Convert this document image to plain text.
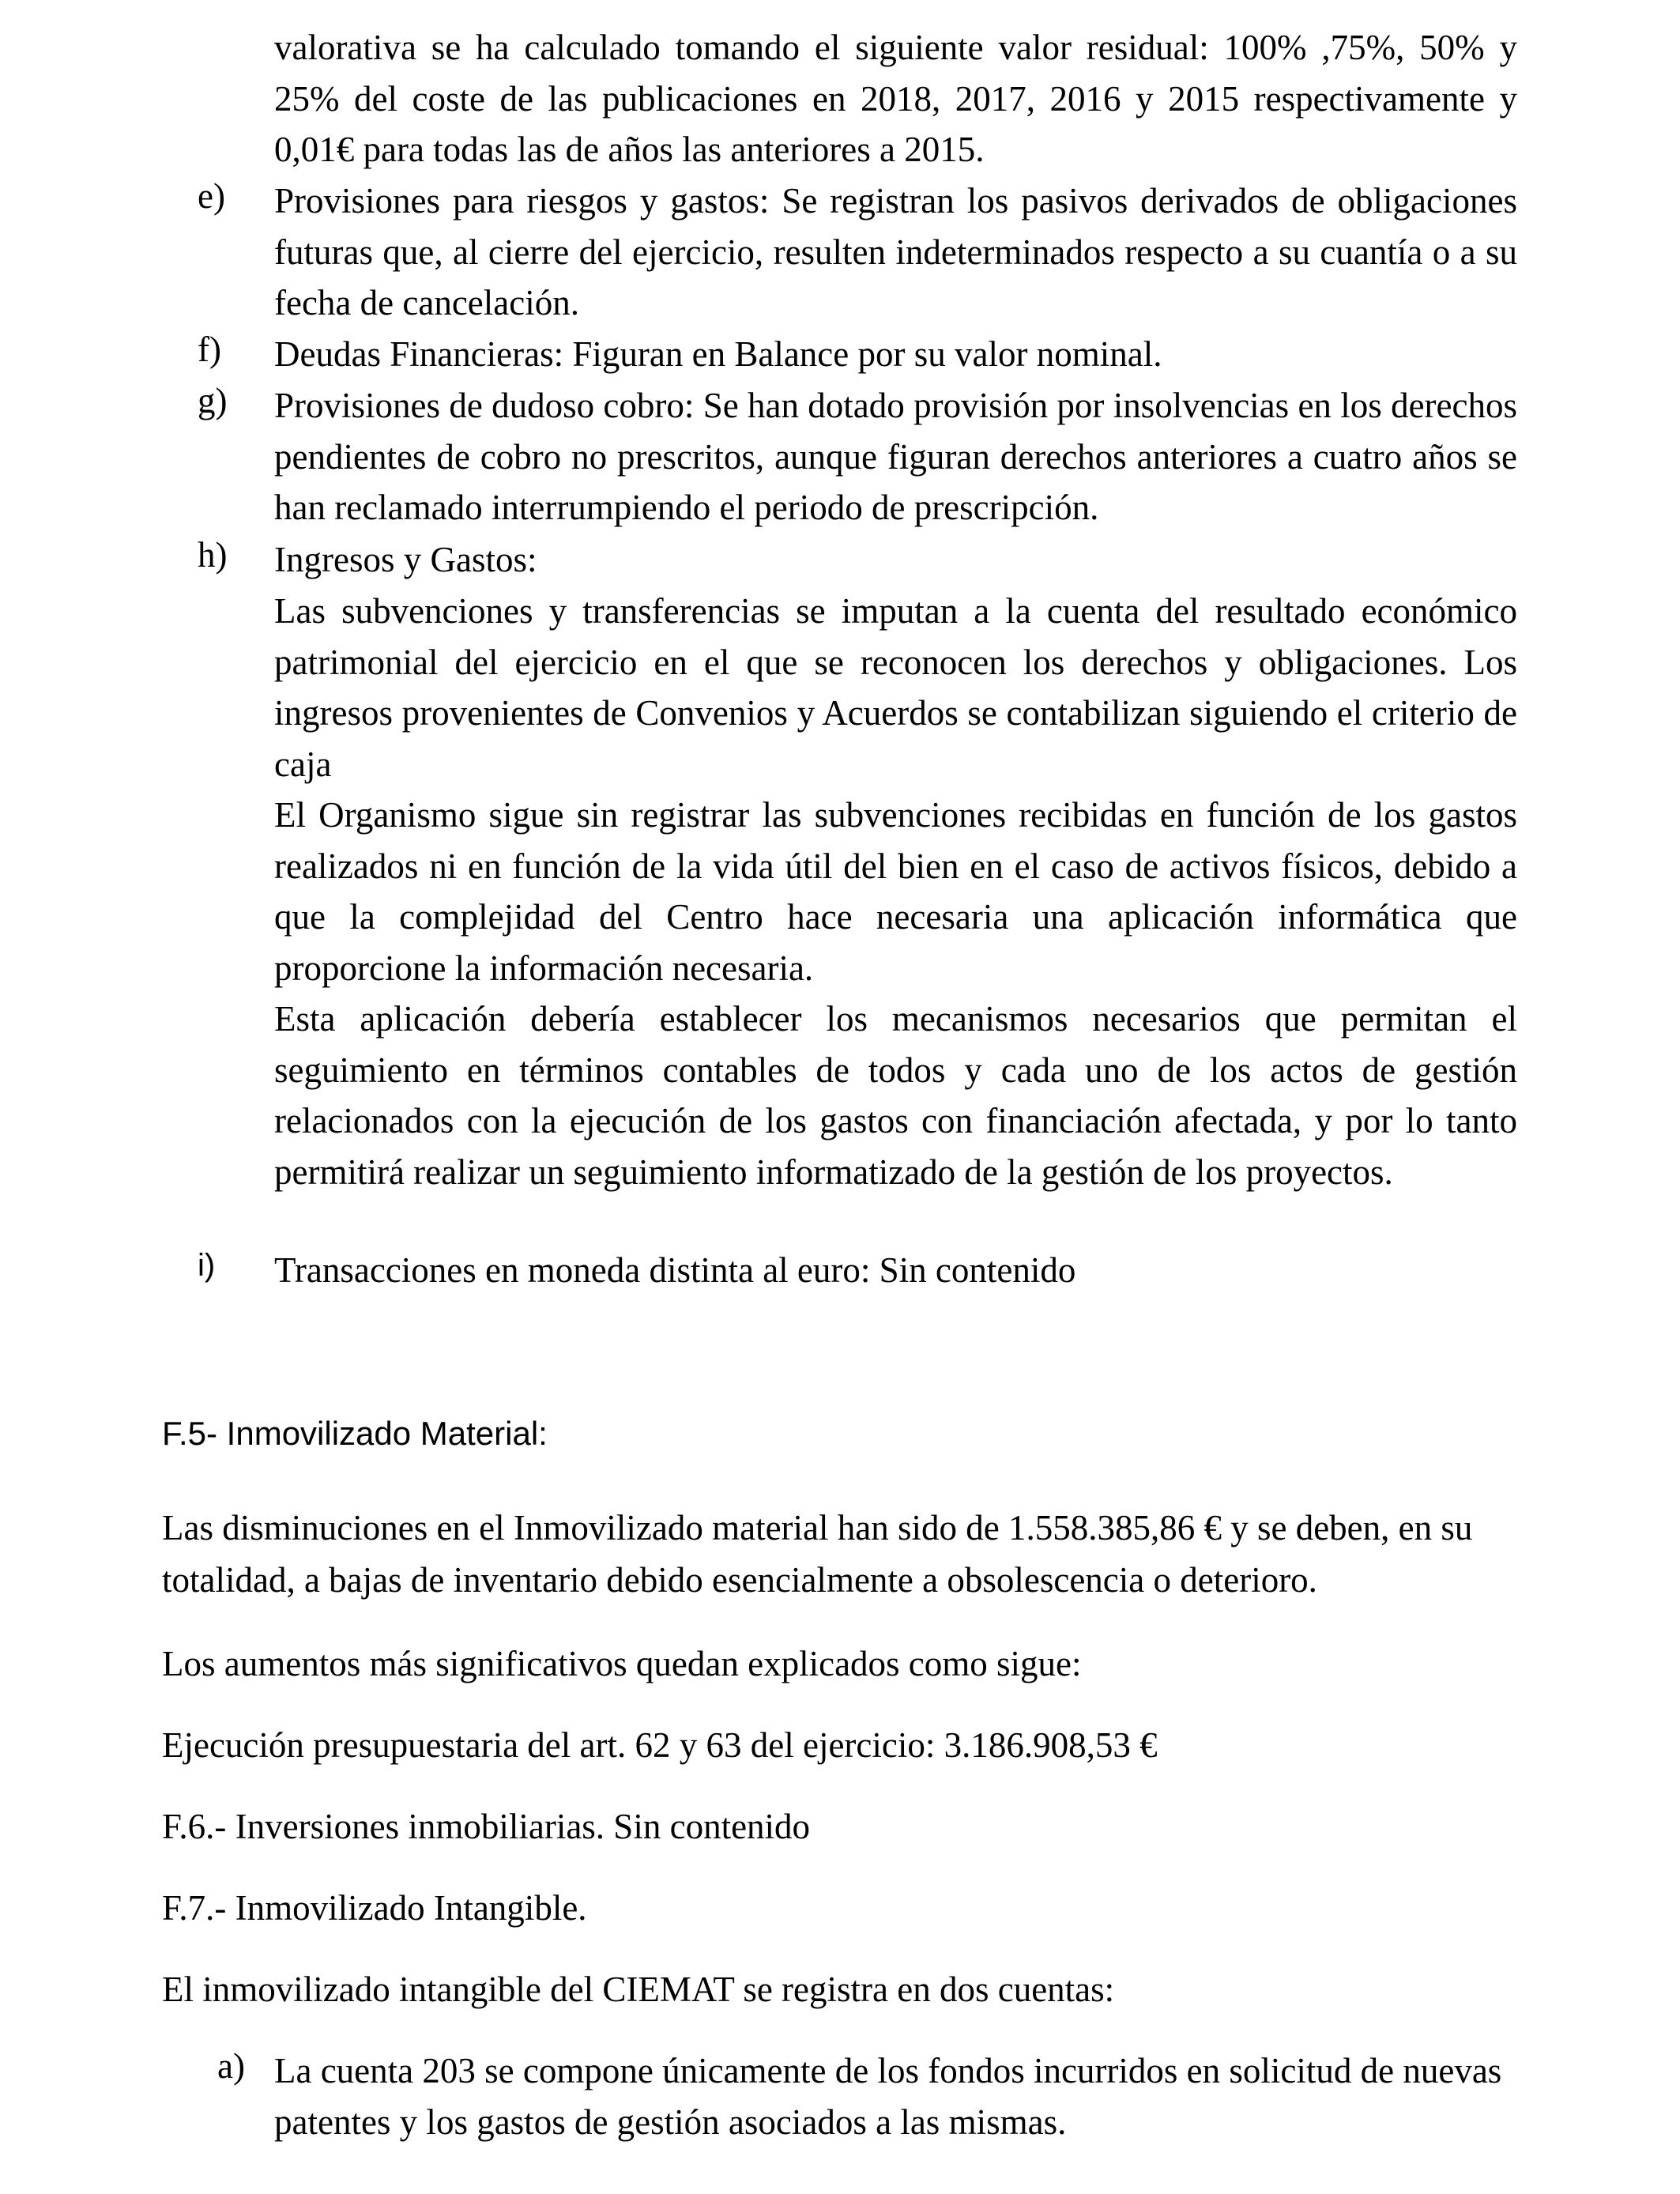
valorativa se ha calculado tomando el siguiente valor residual: 100% ,75%, 50% y 25% del coste de las publicaciones en 2018, 2017, 2016 y 2015 respectivamente y 0,01€ para todas las de años las anteriores a 2015.
e)	Provisiones para riesgos y gastos: Se registran los pasivos derivados de obligaciones futuras que, al cierre del ejercicio, resulten indeterminados respecto a su cuantía o a su fecha de cancelación.
f)	Deudas Financieras: Figuran en Balance por su valor nominal.
g)	Provisiones de dudoso cobro: Se han dotado provisión por insolvencias en los derechos pendientes de cobro no prescritos, aunque figuran derechos anteriores a cuatro años se han reclamado interrumpiendo el periodo de prescripción.
h)	Ingresos y Gastos:
Las subvenciones y transferencias se imputan a la cuenta del resultado económico patrimonial del ejercicio en el que se reconocen los derechos y obligaciones. Los ingresos provenientes de Convenios y Acuerdos se contabilizan siguiendo el criterio de caja
El Organismo sigue sin registrar las subvenciones recibidas en función de los gastos realizados ni en función de la vida útil del bien en el caso de activos físicos, debido a que la complejidad del Centro hace necesaria una aplicación informática que proporcione la información necesaria.
Esta aplicación debería establecer los mecanismos necesarios que permitan el seguimiento en términos contables de todos y cada uno de los actos de gestión relacionados con la ejecución de los gastos con financiación afectada, y por lo tanto permitirá realizar un seguimiento informatizado de la gestión de los proyectos.
i)	Transacciones en moneda distinta al euro: Sin contenido
F.5- Inmovilizado Material:
Las disminuciones en el Inmovilizado material han sido de 1.558.385,86 € y se deben, en su totalidad, a bajas de inventario debido esencialmente a obsolescencia o deterioro.
Los aumentos más significativos quedan explicados como sigue:
Ejecución presupuestaria del art. 62 y 63 del ejercicio: 3.186.908,53 €
F.6.- Inversiones inmobiliarias. Sin contenido
F.7.- Inmovilizado Intangible.
El inmovilizado intangible del CIEMAT se registra en dos cuentas:
a) La cuenta 203 se compone únicamente de los fondos incurridos en solicitud de nuevas patentes y los gastos de gestión asociados a las mismas.
